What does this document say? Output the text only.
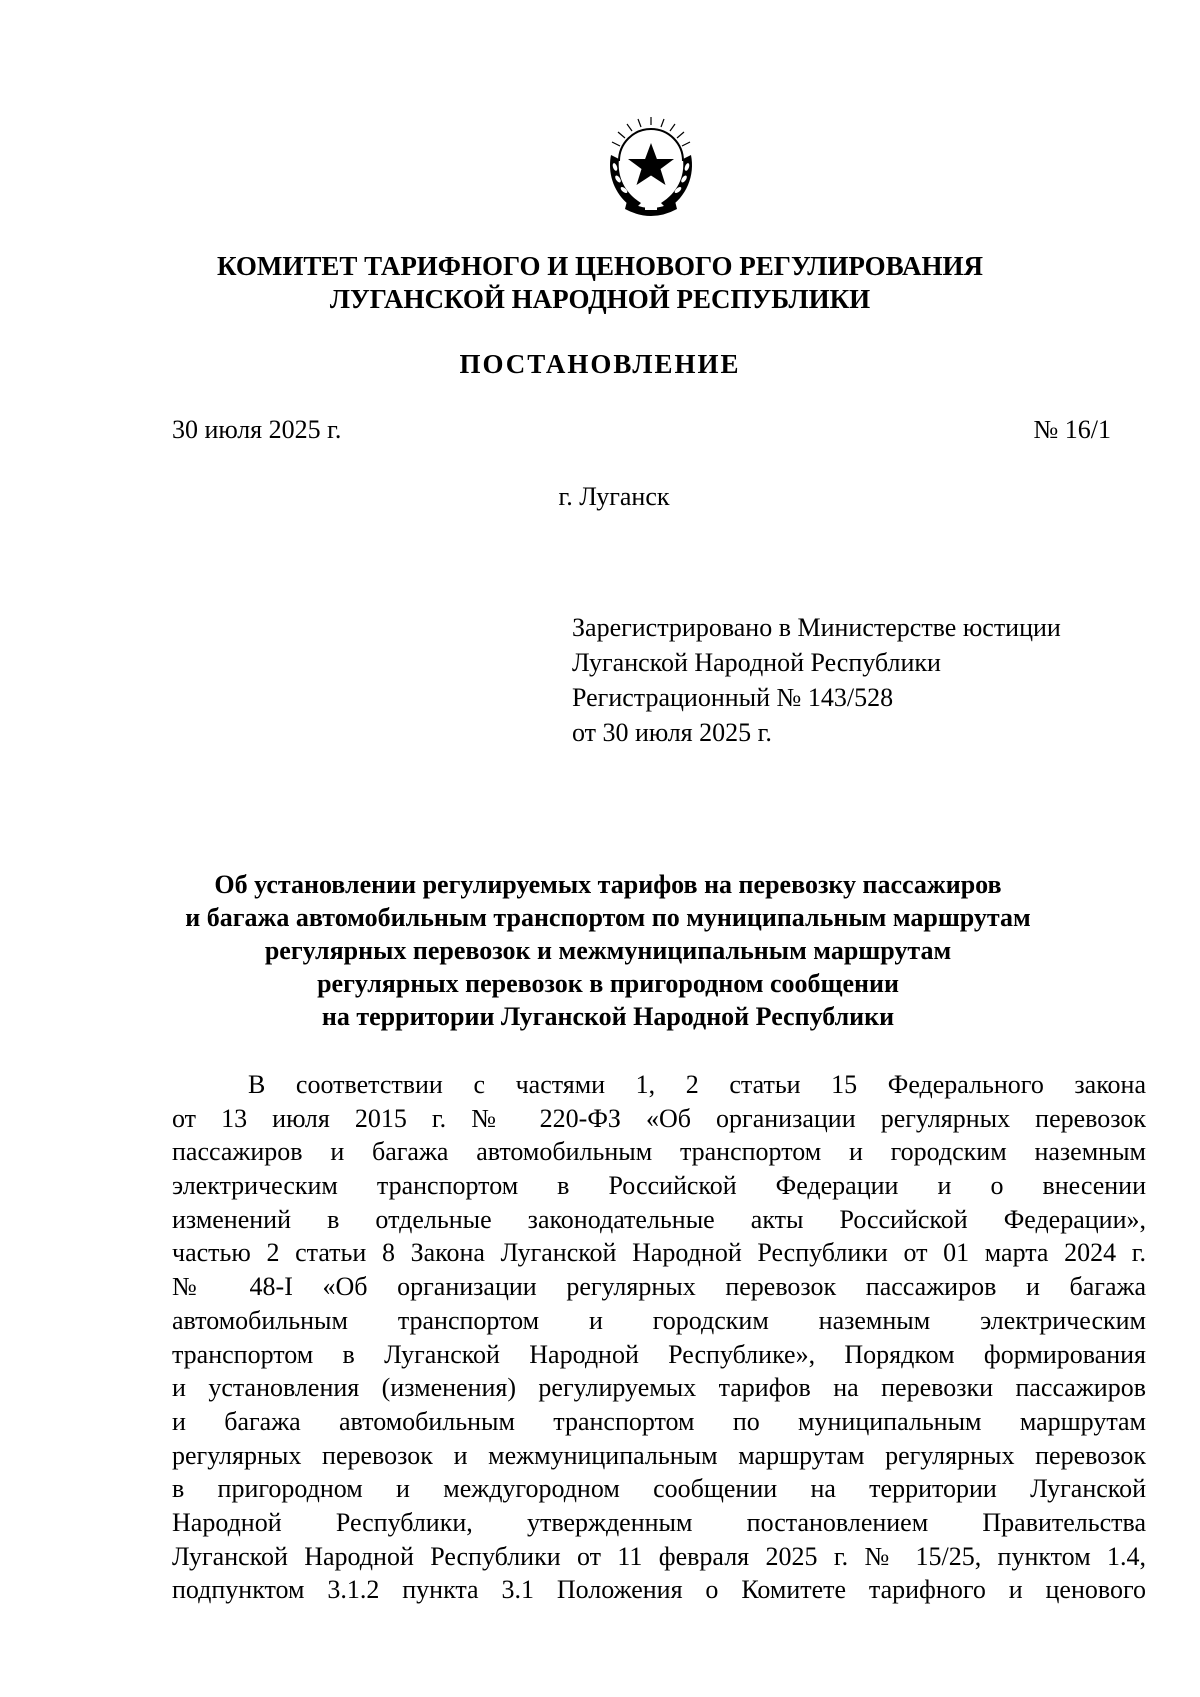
КОМИТЕТ ТАРИФНОГО И ЦЕНОВОГО РЕГУЛИРОВАНИЯ
ЛУГАНСКОЙ НАРОДНОЙ РЕСПУБЛИКИ
ПОСТАНОВЛЕНИЕ
30 июля 2025 г.	№ 16/1
г. Луганск
Зарегистрировано в Министерстве юстиции
Луганской Народной Республики
Регистрационный № 143/528
от 30 июля 2025 г.
Об установлении регулируемых тарифов на перевозку пассажиров
и багажа автомобильным транспортом по муниципальным маршрутам
регулярных перевозок и межмуниципальным маршрутам
регулярных перевозок в пригородном сообщении
на территории Луганской Народной Республики
В соответствии с частями 1, 2 статьи 15 Федерального закона
от 13 июля 2015 г. № 220-ФЗ «Об организации регулярных перевозок
пассажиров и багажа автомобильным транспортом и городским наземным
электрическим транспортом в Российской Федерации и о внесении
изменений в отдельные законодательные акты Российской Федерации»,
частью 2 статьи 8 Закона Луганской Народной Республики от 01 марта 2024 г.
№ 48-I «Об организации регулярных перевозок пассажиров и багажа
автомобильным транспортом и городским наземным электрическим
транспортом в Луганской Народной Республике», Порядком формирования
и установления (изменения) регулируемых тарифов на перевозки пассажиров
и багажа автомобильным транспортом по муниципальным маршрутам
регулярных перевозок и межмуниципальным маршрутам регулярных перевозок
в пригородном и междугородном сообщении на территории Луганской
Народной Республики, утвержденным постановлением Правительства
Луганской Народной Республики от 11 февраля 2025 г. № 15/25, пунктом 1.4,
подпунктом 3.1.2 пункта 3.1 Положения о Комитете тарифного и ценового
